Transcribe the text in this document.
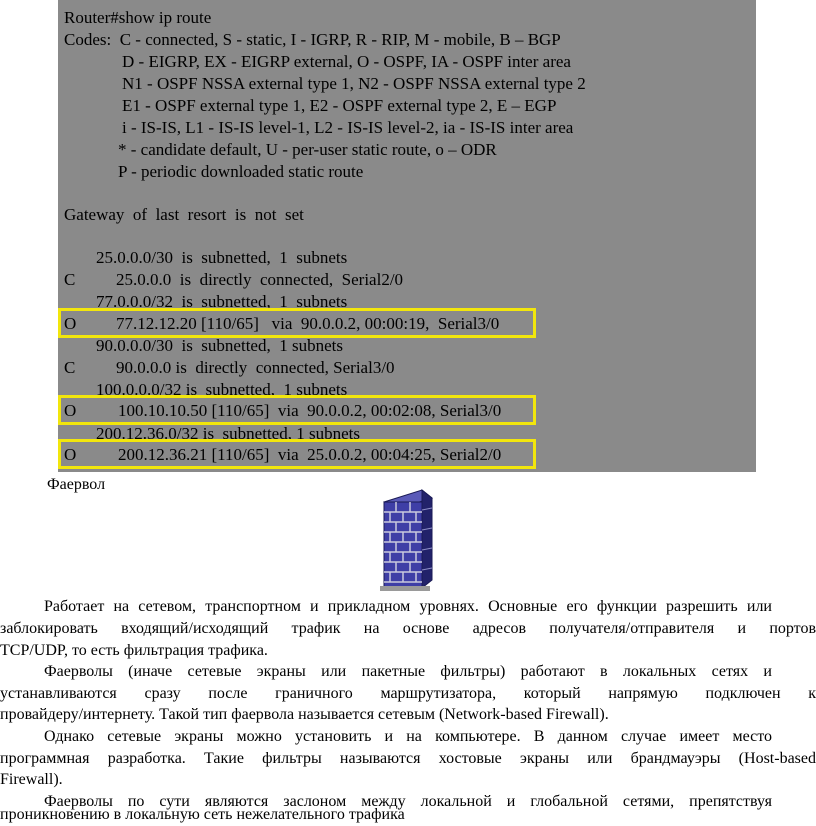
Router#show ip route
Codes:  C - connected, S - static, I - IGRP, R - RIP, M - mobile, B – BGP
D - EIGRP, EX - EIGRP external, O - OSPF, IA - OSPF inter area
N1 - OSPF NSSA external type 1, N2 - OSPF NSSA external type 2
E1 - OSPF external type 1, E2 - OSPF external type 2, E – EGP
i - IS-IS, L1 - IS-IS level-1, L2 - IS-IS level-2, ia - IS-IS inter area
* - candidate default, U - per-user static route, o – ODR
P - periodic downloaded static route
Gateway  of  last  resort  is  not  set
25.0.0.0/30  is  subnetted,  1  subnets
C 25.0.0.0  is  directly  connected,  Serial2/0
77.0.0.0/32  is  subnetted,  1  subnets
O 77.12.12.20 [110/65]   via  90.0.0.2, 00:00:19,  Serial3/0
90.0.0.0/30  is  subnetted,  1 subnets
C 90.0.0.0 is  directly  connected, Serial3/0
100.0.0.0/32 is  subnetted,  1 subnets
O 100.10.10.50 [110/65]  via  90.0.0.2, 00:02:08, Serial3/0
200.12.36.0/32 is  subnetted, 1 subnets
O 200.12.36.21 [110/65]  via  25.0.0.2, 00:04:25, Serial2/0
Фаервол
Работает на сетевом, транспортном и прикладном уровнях. Основные его функции разрешить или
заблокировать входящий/исходящий трафик на основе адресов получателя/отправителя и портов
TCP/UDP, то есть фильтрация трафика.
Фаерволы (иначе сетевые экраны или пакетные фильтры) работают в локальных сетях и
устанавливаются сразу после граничного маршрутизатора, который напрямую подключен к
провайдеру/интернету. Такой тип фаервола называется сетевым (Network-based Firewall).
Однако сетевые экраны можно установить и на компьютере. В данном случае имеет место
программная разработка. Такие фильтры называются хостовые экраны или брандмауэры (Host-based
Firewall).
Фаерволы по сути являются заслоном между локальной и глобальной сетями, препятствуя
проникновению в локальную сеть нежелательного трафика
